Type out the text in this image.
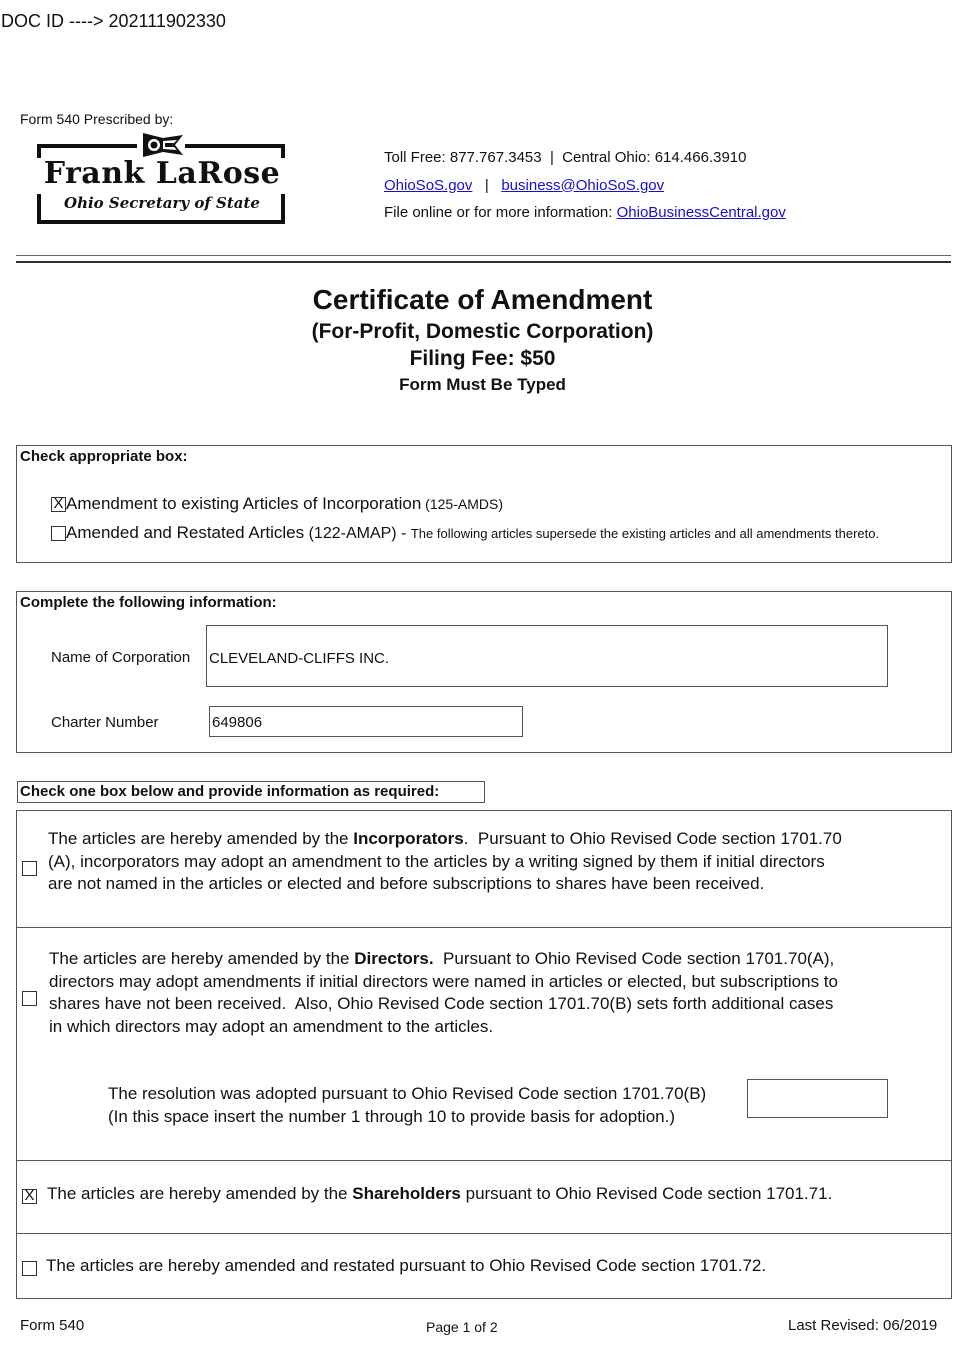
DOC ID ----> 202111902330
Form 540 Prescribed by:
Frank LaRose
Ohio Secretary of State
Toll Free: 877.767.3453  |  Central Ohio: 614.466.3910
OhioSoS.gov | business@OhioSoS.gov
File online or for more information: OhioBusinessCentral.gov
Certificate of Amendment
(For-Profit, Domestic Corporation)
Filing Fee: $50
Form Must Be Typed
Check appropriate box:
X Amendment to existing Articles of Incorporation (125-AMDS)
Amended and Restated Articles (122-AMAP) - The following articles supersede the existing articles and all amendments thereto.
Complete the following information:
Name of Corporation CLEVELAND-CLIFFS INC.
Charter Number	649806
Check one box below and provide information as required:
The articles are hereby amended by the Incorporators.  Pursuant to Ohio Revised Code section 1701.70
(A), incorporators may adopt an amendment to the articles by a writing signed by them if initial directors
are not named in the articles or elected and before subscriptions to shares have been received.
The articles are hereby amended by the Directors.  Pursuant to Ohio Revised Code section 1701.70(A),
directors may adopt amendments if initial directors were named in articles or elected, but subscriptions to
shares have not been received.  Also, Ohio Revised Code section 1701.70(B) sets forth additional cases
in which directors may adopt an amendment to the articles.
The resolution was adopted pursuant to Ohio Revised Code section 1701.70(B)
(In this space insert the number 1 through 10 to provide basis for adoption.)
X The articles are hereby amended by the Shareholders pursuant to Ohio Revised Code section 1701.71.
The articles are hereby amended and restated pursuant to Ohio Revised Code section 1701.72.
Form 540	Page 1 of 2	Last Revised: 06/2019
